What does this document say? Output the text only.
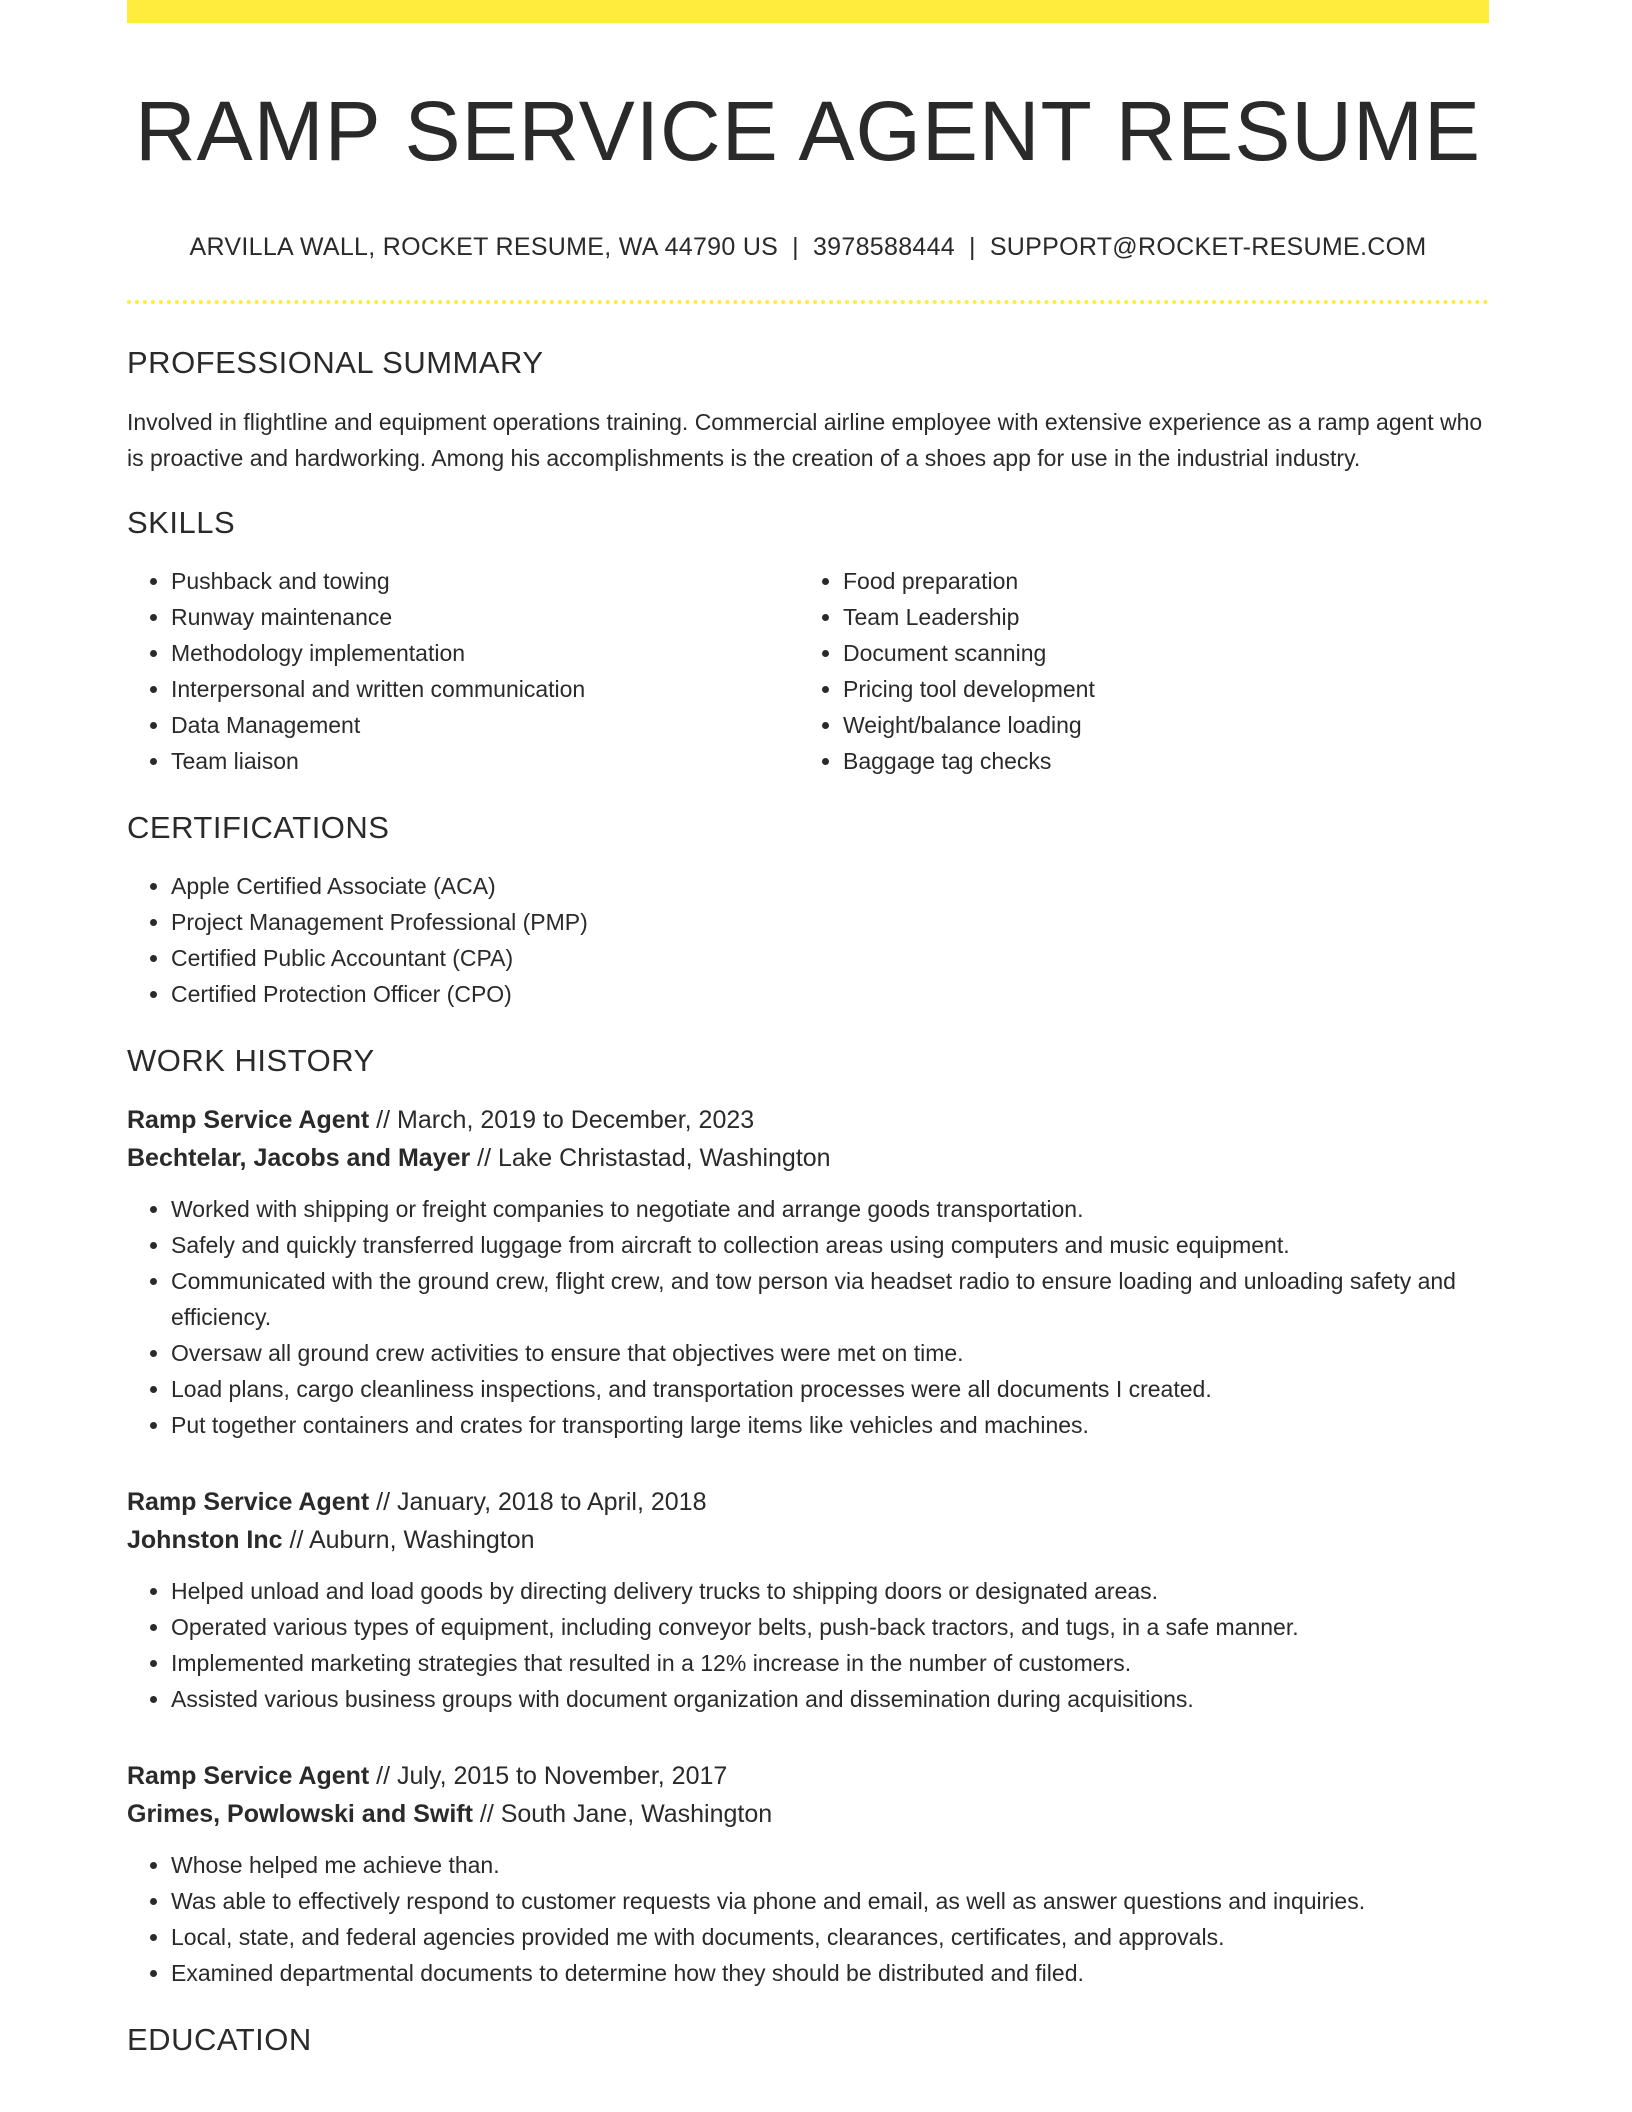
RAMP SERVICE AGENT RESUME
ARVILLA WALL, ROCKET RESUME, WA 44790 US | 3978588444 | SUPPORT@ROCKET-RESUME.COM
PROFESSIONAL SUMMARY

Involved in flightline and equipment operations training. Commercial airline employee with extensive experience as a ramp agent who is proactive and hardworking. Among his accomplishments is the creation of a shoes app for use in the industrial industry.

SKILLS
• Pushback and towing
• Runway maintenance
• Methodology implementation
• Interpersonal and written communication
• Data Management
• Team liaison
• Food preparation
• Team Leadership
• Document scanning
• Pricing tool development
• Weight/balance loading
• Baggage tag checks
CERTIFICATIONS
• Apple Certified Associate (ACA)
• Project Management Professional (PMP)
• Certified Public Accountant (CPA)
• Certified Protection Officer (CPO)
WORK HISTORY
Ramp Service Agent // March, 2019 to December, 2023
Bechtelar, Jacobs and Mayer // Lake Christastad, Washington
• Worked with shipping or freight companies to negotiate and arrange goods transportation.
• Safely and quickly transferred luggage from aircraft to collection areas using computers and music equipment.
• Communicated with the ground crew, flight crew, and tow person via headset radio to ensure loading and unloading safety and efficiency.
• Oversaw all ground crew activities to ensure that objectives were met on time.
• Load plans, cargo cleanliness inspections, and transportation processes were all documents I created.
• Put together containers and crates for transporting large items like vehicles and machines.
Ramp Service Agent // January, 2018 to April, 2018
Johnston Inc // Auburn, Washington
• Helped unload and load goods by directing delivery trucks to shipping doors or designated areas.
• Operated various types of equipment, including conveyor belts, push-back tractors, and tugs, in a safe manner.
• Implemented marketing strategies that resulted in a 12% increase in the number of customers.
• Assisted various business groups with document organization and dissemination during acquisitions.
Ramp Service Agent // July, 2015 to November, 2017
Grimes, Powlowski and Swift // South Jane, Washington
• Whose helped me achieve than.
• Was able to effectively respond to customer requests via phone and email, as well as answer questions and inquiries.
• Local, state, and federal agencies provided me with documents, clearances, certificates, and approvals.
• Examined departmental documents to determine how they should be distributed and filed.
EDUCATION
